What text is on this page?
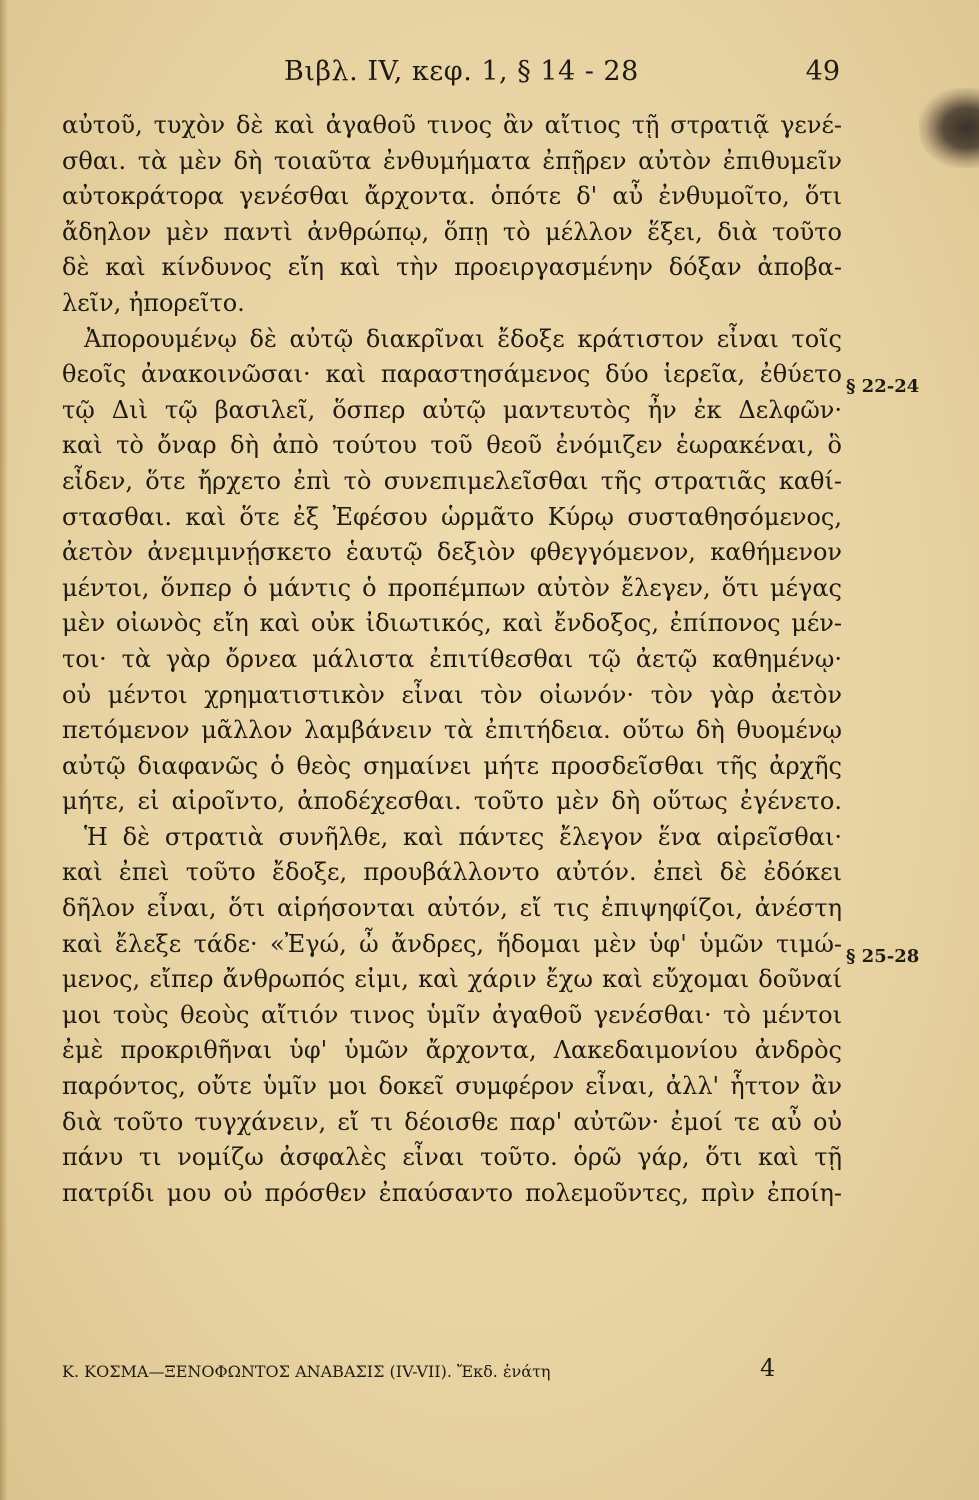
Βιβλ. IV, κεφ. 1, § 14 - 28	49
αὐτοῦ, τυχὸν δὲ καὶ ἀγαθοῦ τινος ἂν αἴτιος τῇ στρατιᾷ γενέ-
σθαι. τὰ μὲν δὴ τοιαῦτα ἐνθυμήματα ἐπῇρεν αὐτὸν ἐπιθυμεῖν
αὐτοκράτορα γενέσθαι ἄρχοντα. ὁπότε δ' αὖ ἐνθυμοῖτο, ὅτι
ἄδηλον μὲν παντὶ ἀνθρώπῳ, ὅπῃ τὸ μέλλον ἕξει, διὰ τοῦτο
δὲ καὶ κίνδυνος εἴη καὶ τὴν προειργασμένην δόξαν ἀποβα-
λεῖν, ἠπορεῖτο.
Ἀπορουμένῳ δὲ αὐτῷ διακρῖναι ἔδοξε κράτιστον εἶναι τοῖς
θεοῖς ἀνακοινῶσαι· καὶ παραστησάμενος δύο ἱερεῖα, ἐθύετο
τῷ Διὶ τῷ βασιλεῖ, ὅσπερ αὐτῷ μαντευτὸς ἦν ἐκ Δελφῶν·
καὶ τὸ ὄναρ δὴ ἀπὸ τούτου τοῦ θεοῦ ἐνόμιζεν ἑωρακέναι, ὃ
εἶδεν, ὅτε ἤρχετο ἐπὶ τὸ συνεπιμελεῖσθαι τῆς στρατιᾶς καθί-
στασθαι. καὶ ὅτε ἐξ Ἐφέσου ὡρμᾶτο Κύρῳ συσταθησόμενος,
ἀετὸν ἀνεμιμνῄσκετο ἑαυτῷ δεξιὸν φθεγγόμενον, καθήμενον
μέντοι, ὅνπερ ὁ μάντις ὁ προπέμπων αὐτὸν ἔλεγεν, ὅτι μέγας
μὲν οἰωνὸς εἴη καὶ οὐκ ἰδιωτικός, καὶ ἔνδοξος, ἐπίπονος μέν-
τοι· τὰ γὰρ ὄρνεα μάλιστα ἐπιτίθεσθαι τῷ ἀετῷ καθημένῳ·
οὐ μέντοι χρηματιστικὸν εἶναι τὸν οἰωνόν· τὸν γὰρ ἀετὸν
πετόμενον μᾶλλον λαμβάνειν τὰ ἐπιτήδεια. οὕτω δὴ θυομένῳ
αὐτῷ διαφανῶς ὁ θεὸς σημαίνει μήτε προσδεῖσθαι τῆς ἀρχῆς
μήτε, εἰ αἱροῖντο, ἀποδέχεσθαι. τοῦτο μὲν δὴ οὕτως ἐγένετο.
Ἡ δὲ στρατιὰ συνῆλθε, καὶ πάντες ἔλεγον ἕνα αἱρεῖσθαι·
καὶ ἐπεὶ τοῦτο ἔδοξε, προυβάλλοντο αὐτόν. ἐπεὶ δὲ ἐδόκει
δῆλον εἶναι, ὅτι αἱρήσονται αὐτόν, εἴ τις ἐπιψηφίζοι, ἀνέστη
καὶ ἔλεξε τάδε· «Ἐγώ, ὦ ἄνδρες, ἥδομαι μὲν ὑφ' ὑμῶν τιμώ-
μενος, εἴπερ ἄνθρωπός εἰμι, καὶ χάριν ἔχω καὶ εὔχομαι δοῦναί
μοι τοὺς θεοὺς αἴτιόν τινος ὑμῖν ἀγαθοῦ γενέσθαι· τὸ μέντοι
ἐμὲ προκριθῆναι ὑφ' ὑμῶν ἄρχοντα, Λακεδαιμονίου ἀνδρὸς
παρόντος, οὔτε ὑμῖν μοι δοκεῖ συμφέρον εἶναι, ἀλλ' ἧττον ἂν
διὰ τοῦτο τυγχάνειν, εἴ τι δέοισθε παρ' αὐτῶν· ἐμοί τε αὖ οὐ
πάνυ τι νομίζω ἀσφαλὲς εἶναι τοῦτο. ὁρῶ γάρ, ὅτι καὶ τῇ
πατρίδι μου οὐ πρόσθεν ἐπαύσαντο πολεμοῦντες, πρὶν ἐποίη-
§ 22-24
§ 25-28
Κ. ΚΟΣΜΑ—ΞΕΝΟΦΩΝΤΟΣ ΑΝΑΒΑΣΙΣ (IV-VII). Ἔκδ. ἐνάτη	4
